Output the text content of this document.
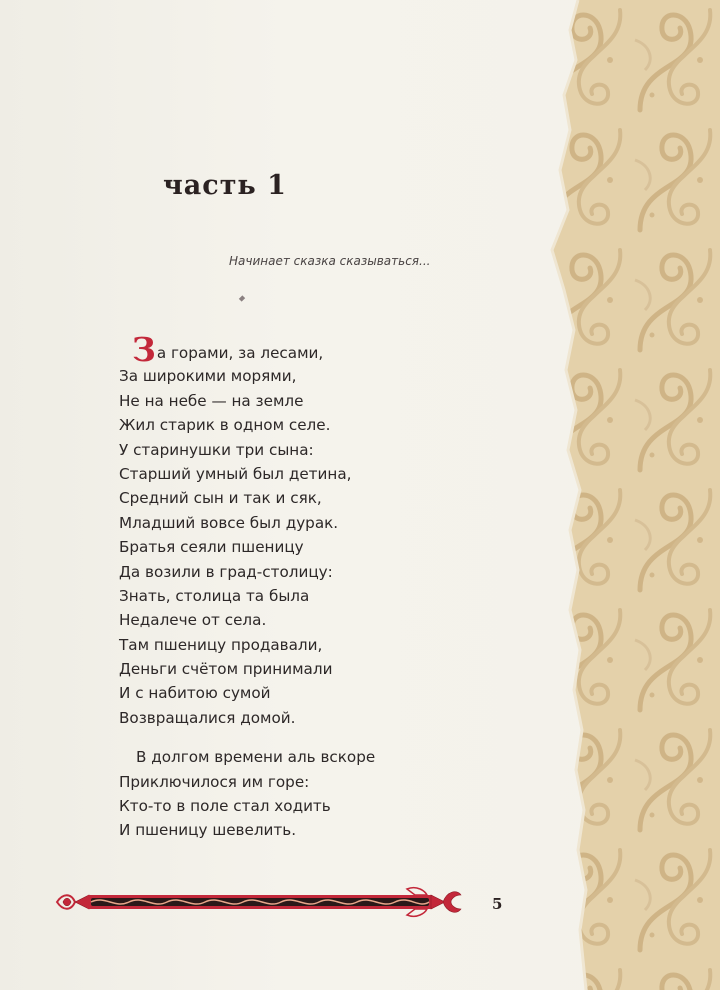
часть 1
Начинает сказка сказываться...
За горами, за лесами,
За широкими морями,
Не на небе — на земле
Жил старик в одном селе.
У старинушки три сына:
Старший умный был детина,
Средний сын и так и сяк,
Младший вовсе был дурак.
Братья сеяли пшеницу
Да возили в град-столицу:
Знать, столица та была
Недалече от села.
Там пшеницу продавали,
Деньги счётом принимали
И с набитою сумой
Возвращалися домой.
В долгом времени аль вскоре
Приключилося им горе:
Кто-то в поле стал ходить
И пшеницу шевелить.
5
